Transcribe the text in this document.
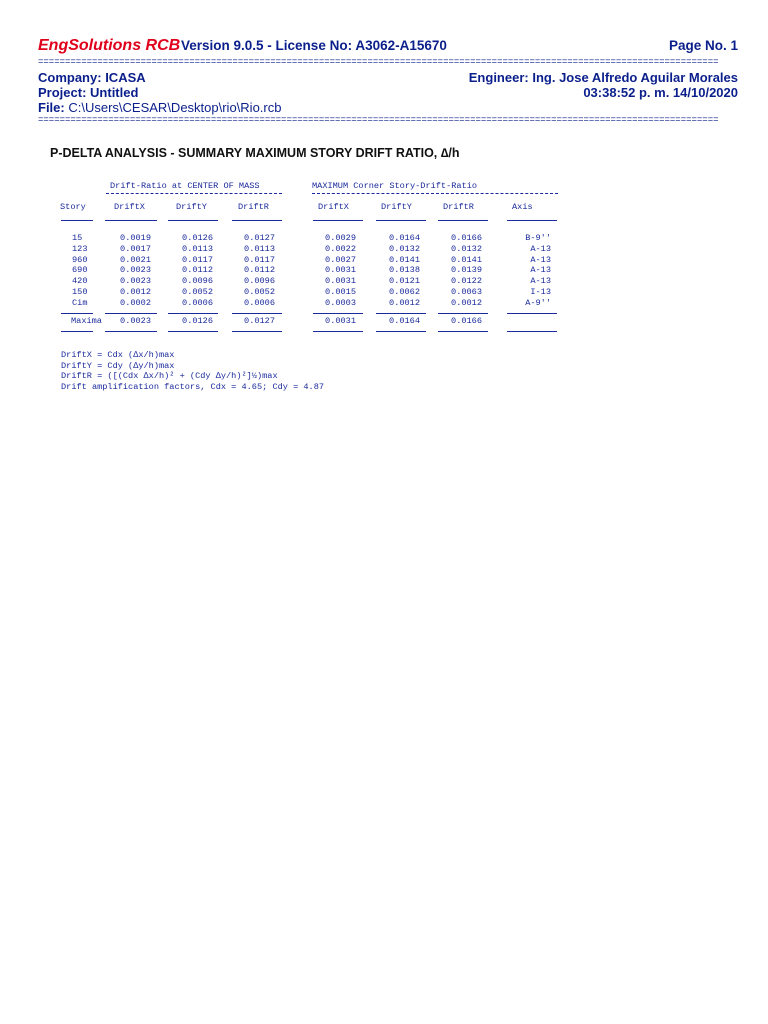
EngSolutions RCB Version 9.0.5 - License No: A3062-A15670	Page No. 1
==============================================================================================================================
Company: ICASA
Project: Untitled
File: C:\Users\CESAR\Desktop\rio\Rio.rcb
Engineer: Ing. Jose Alfredo Aguilar Morales
03:38:52 p. m. 14/10/2020
==============================================================================================================================
P-DELTA ANALYSIS - SUMMARY MAXIMUM STORY DRIFT RATIO, ∆/h
Drift-Ratio at CENTER OF MASS	MAXIMUM Corner Story-Drift-Ratio
Story	DriftX	DriftY	DriftR	DriftX	DriftY	DriftR	Axis
15	0.0019	0.0126	0.0127	0.0029	0.0164	0.0166	B-9''
123	0.0017	0.0113	0.0113	0.0022	0.0132	0.0132	A-13
960	0.0021	0.0117	0.0117	0.0027	0.0141	0.0141	A-13
690	0.0023	0.0112	0.0112	0.0031	0.0138	0.0139	A-13
420	0.0023	0.0096	0.0096	0.0031	0.0121	0.0122	A-13
150	0.0012	0.0052	0.0052	0.0015	0.0062	0.0063	I-13
Cim	0.0002	0.0006	0.0006	0.0003	0.0012	0.0012	A-9''
Maxima 0.0023	0.0126	0.0127	0.0031	0.0164	0.0166
DriftX = Cdx (∆x/h)max
DriftY = Cdy (∆y/h)max
DriftR = ([(Cdx ∆x/h)² + (Cdy ∆y/h)²]½)max
Drift amplification factors, Cdx = 4.65; Cdy = 4.87
